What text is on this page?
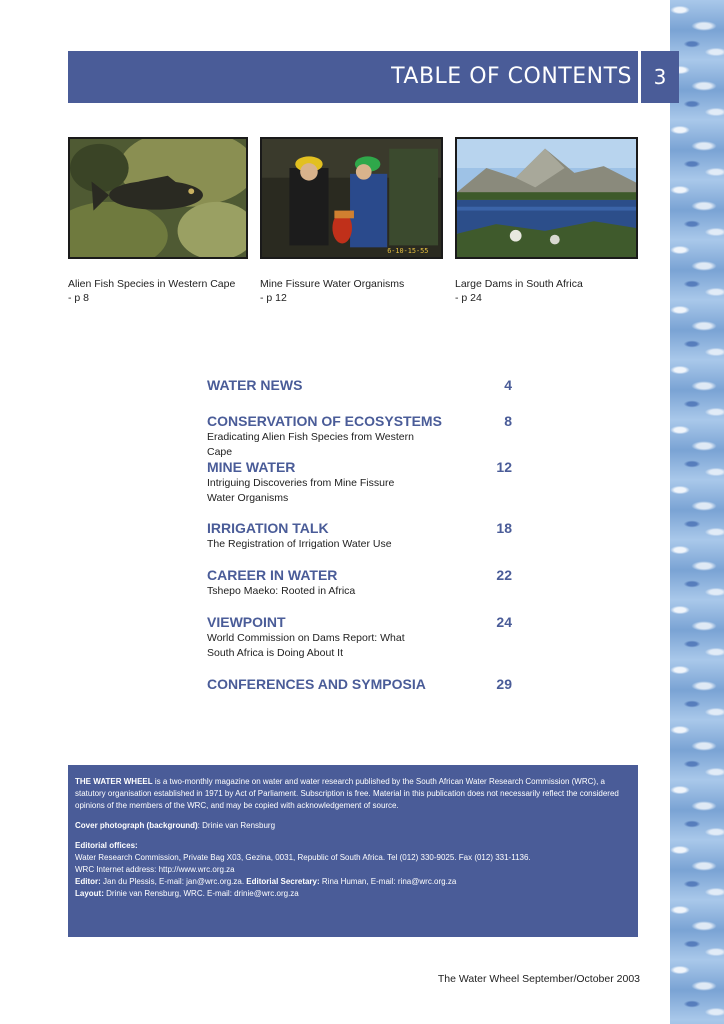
TABLE OF CONTENTS	3
6-10-15-55
Alien Fish Species in Western Cape
- p 8
Mine Fissure Water Organisms
- p 12
Large Dams in South Africa
- p 24
WATER NEWS	4
CONSERVATION OF ECOSYSTEMS	8
Eradicating Alien Fish Species from Western Cape
MINE WATER	12
Intriguing Discoveries from Mine Fissure Water Organisms
IRRIGATION TALK	18
The Registration of Irrigation Water Use
CAREER IN WATER	22
Tshepo Maeko: Rooted in Africa
VIEWPOINT	24
World Commission on Dams Report: What South Africa is Doing About It
CONFERENCES AND SYMPOSIA	29

THE WATER WHEEL is a two-monthly magazine on water and water research published by the South African Water Research Commission (WRC), a statutory organisation established in 1971 by Act of Parliament. Subscription is free. Material in this publication does not necessarily reflect the considered opinions of the members of the WRC, and may be copied with acknowledgement of source.

Cover photograph (background): Drinie van Rensburg

Editorial offices:
Water Research Commission, Private Bag X03, Gezina, 0031, Republic of South Africa. Tel (012) 330-9025. Fax (012) 331-1136.
WRC Internet address: http://www.wrc.org.za
Editor: Jan du Plessis, E-mail: jan@wrc.org.za. Editorial Secretary: Rina Human, E-mail: rina@wrc.org.za
Layout: Drinie van Rensburg, WRC. E-mail: drinie@wrc.org.za

The Water Wheel September/October 2003
